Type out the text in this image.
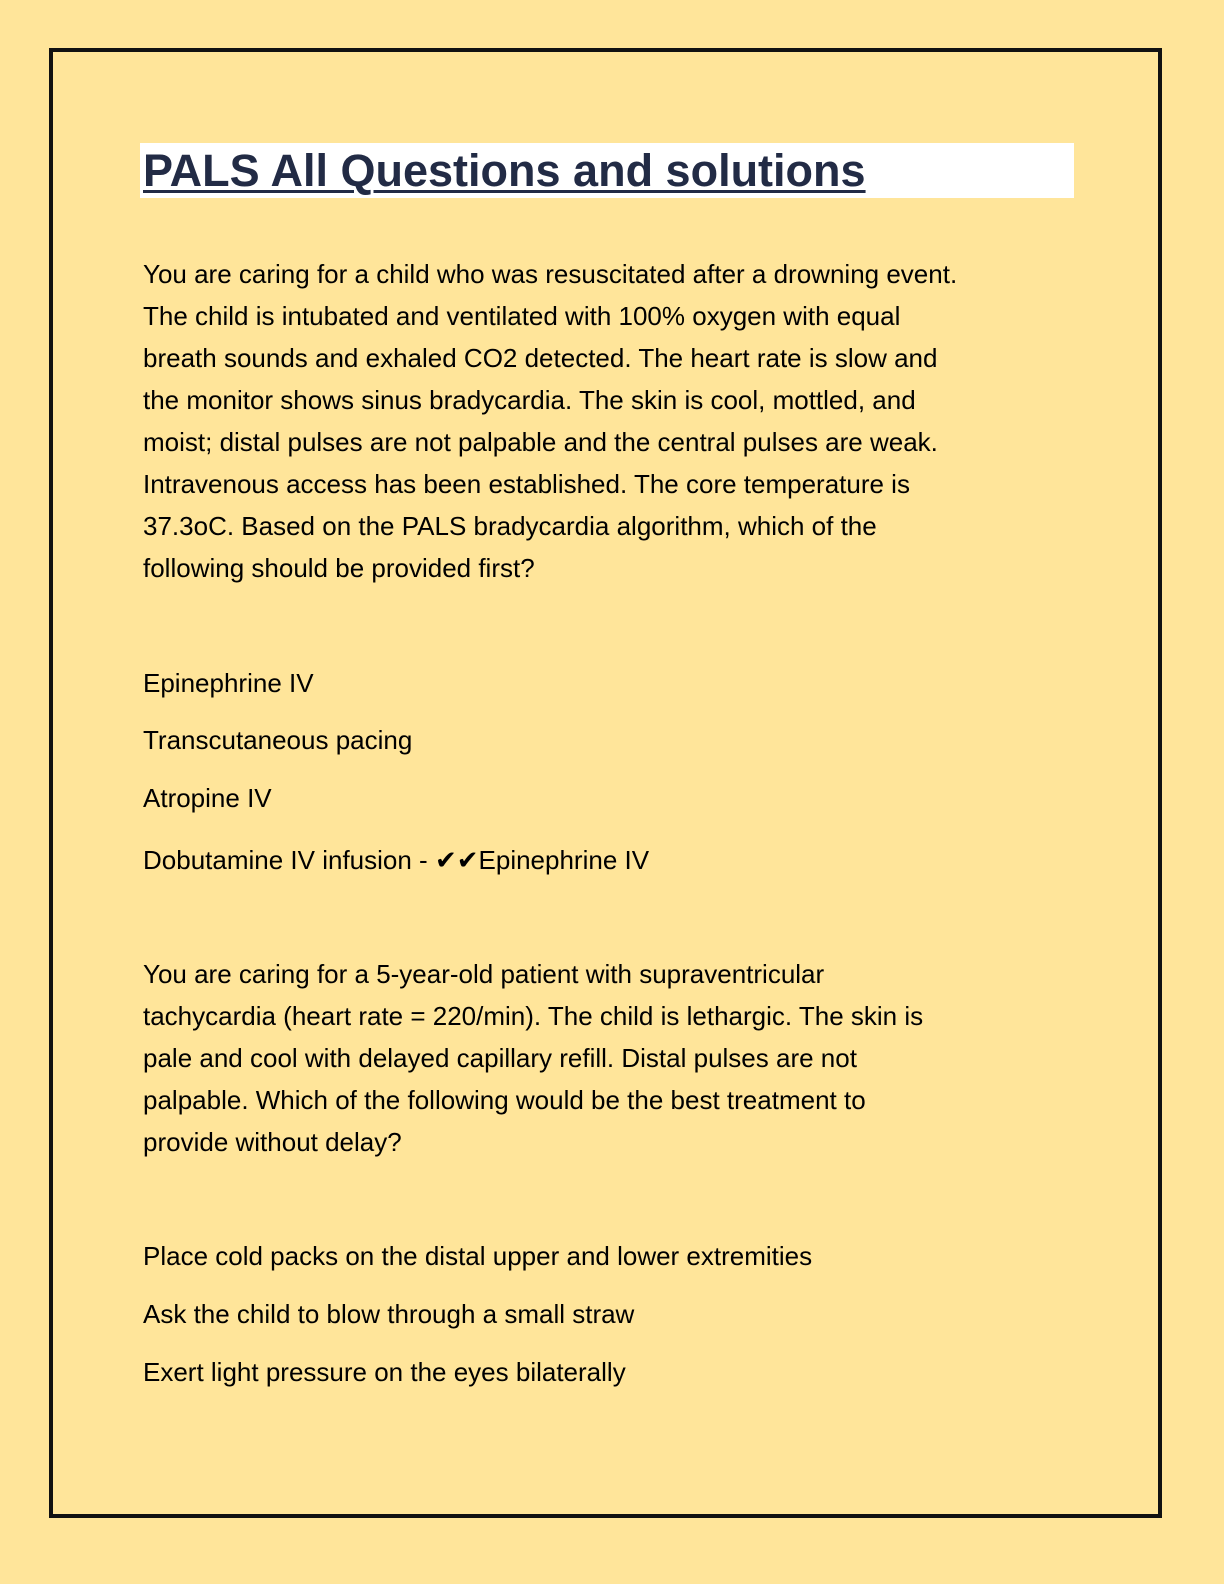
PALS All Questions and solutions

You are caring for a child who was resuscitated after a drowning event.
The child is intubated and ventilated with 100% oxygen with equal
breath sounds and exhaled CO2 detected. The heart rate is slow and
the monitor shows sinus bradycardia. The skin is cool, mottled, and
moist; distal pulses are not palpable and the central pulses are weak.
Intravenous access has been established. The core temperature is
37.3oC. Based on the PALS bradycardia algorithm, which of the
following should be provided first?

Epinephrine IV

Transcutaneous pacing

Atropine IV

Dobutamine IV infusion - ✔✔Epinephrine IV

You are caring for a 5-year-old patient with supraventricular
tachycardia (heart rate = 220/min). The child is lethargic. The skin is
pale and cool with delayed capillary refill. Distal pulses are not
palpable. Which of the following would be the best treatment to
provide without delay?

Place cold packs on the distal upper and lower extremities

Ask the child to blow through a small straw

Exert light pressure on the eyes bilaterally
